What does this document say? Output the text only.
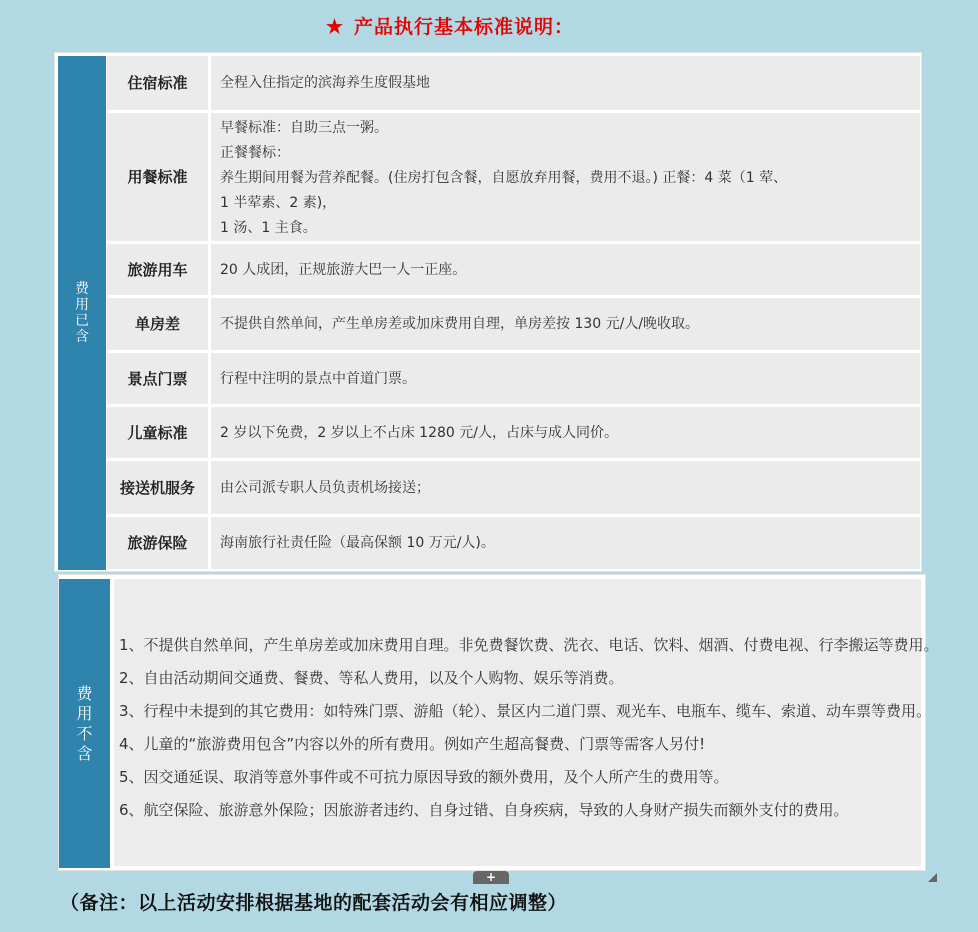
★ 产品执行基本标准说明：
费用已含
住宿标准	全程入住指定的滨海养生度假基地
用餐标准
早餐标准：自助三点一粥。
正餐餐标：
养生期间用餐为营养配餐。(住房打包含餐，自愿放弃用餐，费用不退。) 正餐：4 菜（1 荤、
1 半荤素、2 素)，
1 汤、1 主食。
旅游用车	20 人成团，正规旅游大巴一人一正座。
单房差	不提供自然单间，产生单房差或加床费用自理，单房差按 130 元/人/晚收取。
景点门票	行程中注明的景点中首道门票。
儿童标准	2 岁以下免费，2 岁以上不占床 1280 元/人，占床与成人同价。
接送机服务	由公司派专职人员负责机场接送；
旅游保险	海南旅行社责任险（最高保额 10 万元/人)。
费用不含
1、不提供自然单间，产生单房差或加床费用自理。非免费餐饮费、洗衣、电话、饮料、烟酒、付费电视、行李搬运等费用。
2、自由活动期间交通费、餐费、等私人费用，以及个人购物、娱乐等消费。
3、行程中未提到的其它费用：如特殊门票、游船（轮）、景区内二道门票、观光车、电瓶车、缆车、索道、动车票等费用。
4、儿童的“旅游费用包含”内容以外的所有费用。例如产生超高餐费、门票等需客人另付!
5、因交通延误、取消等意外事件或不可抗力原因导致的额外费用，及个人所产生的费用等。
6、航空保险、旅游意外保险；因旅游者违约、自身过错、自身疾病，导致的人身财产损失而额外支付的费用。
+
（备注：以上活动安排根据基地的配套活动会有相应调整）
